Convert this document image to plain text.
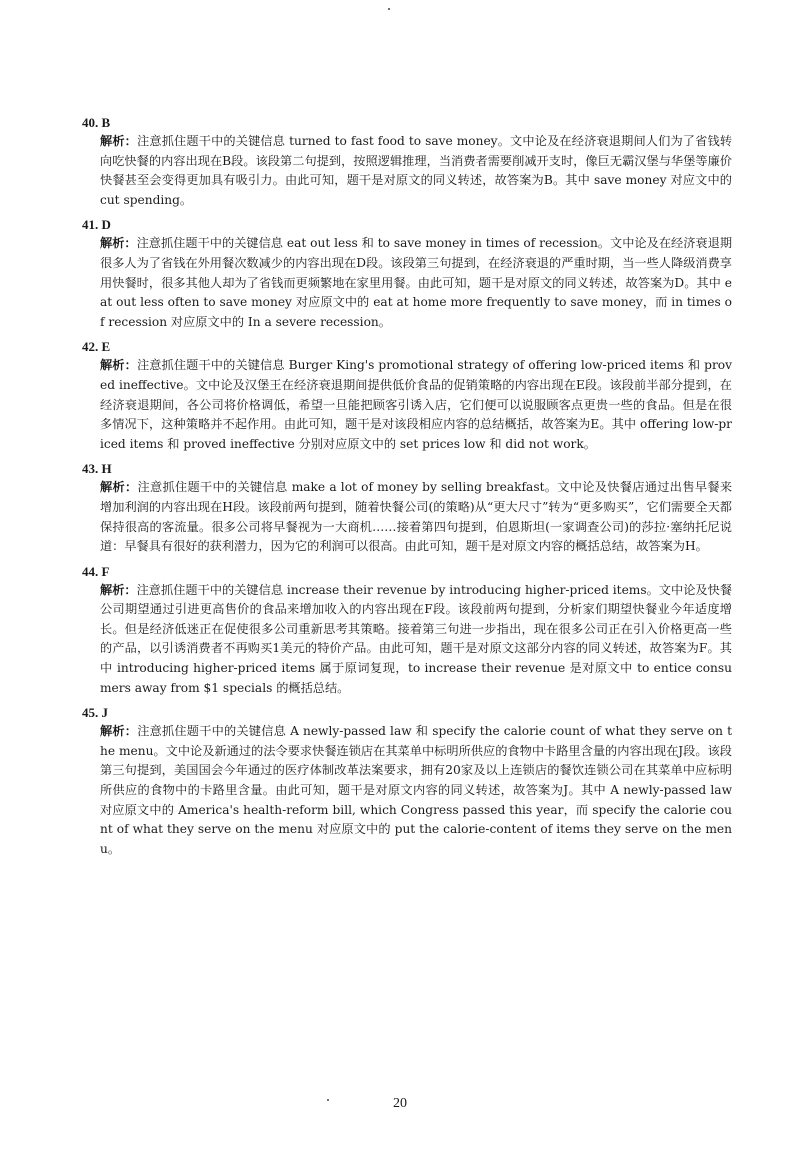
40. B
解析：注意抓住题干中的关键信息 turned to fast food to save money。文中论及在经济衰退期间人们为了省钱转向吃快餐的内容出现在B段。该段第二句提到，按照逻辑推理，当消费者需要削减开支时，像巨无霸汉堡与华堡等廉价快餐甚至会变得更加具有吸引力。由此可知，题干是对原文的同义转述，故答案为B。其中 save money 对应文中的 cut spending。
41. D
解析：注意抓住题干中的关键信息 eat out less 和 to save money in times of recession。文中论及在经济衰退期很多人为了省钱在外用餐次数减少的内容出现在D段。该段第三句提到，在经济衰退的严重时期，当一些人降级消费享用快餐时，很多其他人却为了省钱而更频繁地在家里用餐。由此可知，题干是对原文的同义转述，故答案为D。其中 eat out less often to save money 对应原文中的 eat at home more frequently to save money，而 in times of recession 对应原文中的 In a severe recession。
42. E
解析：注意抓住题干中的关键信息 Burger King's promotional strategy of offering low-priced items 和 proved ineffective。文中论及汉堡王在经济衰退期间提供低价食品的促销策略的内容出现在E段。该段前半部分提到，在经济衰退期间，各公司将价格调低，希望一旦能把顾客引诱入店，它们便可以说服顾客点更贵一些的食品。但是在很多情况下，这种策略并不起作用。由此可知，题干是对该段相应内容的总结概括，故答案为E。其中 offering low-priced items 和 proved ineffective 分别对应原文中的 set prices low 和 did not work。
43. H
解析：注意抓住题干中的关键信息 make a lot of money by selling breakfast。文中论及快餐店通过出售早餐来增加利润的内容出现在H段。该段前两句提到，随着快餐公司(的策略)从“更大尺寸”转为“更多购买”，它们需要全天都保持很高的客流量。很多公司将早餐视为一大商机……接着第四句提到，伯恩斯坦(一家调查公司)的莎拉·塞纳托尼说道：早餐具有很好的获利潜力，因为它的利润可以很高。由此可知，题干是对原文内容的概括总结，故答案为H。
44. F
解析：注意抓住题干中的关键信息 increase their revenue by introducing higher-priced items。文中论及快餐公司期望通过引进更高售价的食品来增加收入的内容出现在F段。该段前两句提到，分析家们期望快餐业今年适度增长。但是经济低迷正在促使很多公司重新思考其策略。接着第三句进一步指出，现在很多公司正在引入价格更高一些的产品，以引诱消费者不再购买1美元的特价产品。由此可知，题干是对原文这部分内容的同义转述，故答案为F。其中 introducing higher-priced items 属于原词复现，to increase their revenue 是对原文中 to entice consumers away from $1 specials 的概括总结。
45. J
解析：注意抓住题干中的关键信息 A newly-passed law 和 specify the calorie count of what they serve on the menu。文中论及新通过的法令要求快餐连锁店在其菜单中标明所供应的食物中卡路里含量的内容出现在J段。该段第三句提到，美国国会今年通过的医疗体制改革法案要求，拥有20家及以上连锁店的餐饮连锁公司在其菜单中应标明所供应的食物中的卡路里含量。由此可知，题干是对原文内容的同义转述，故答案为J。其中 A newly-passed law 对应原文中的 America's health-reform bill, which Congress passed this year，而 specify the calorie count of what they serve on the menu 对应原文中的 put the calorie-content of items they serve on the menu。
20
